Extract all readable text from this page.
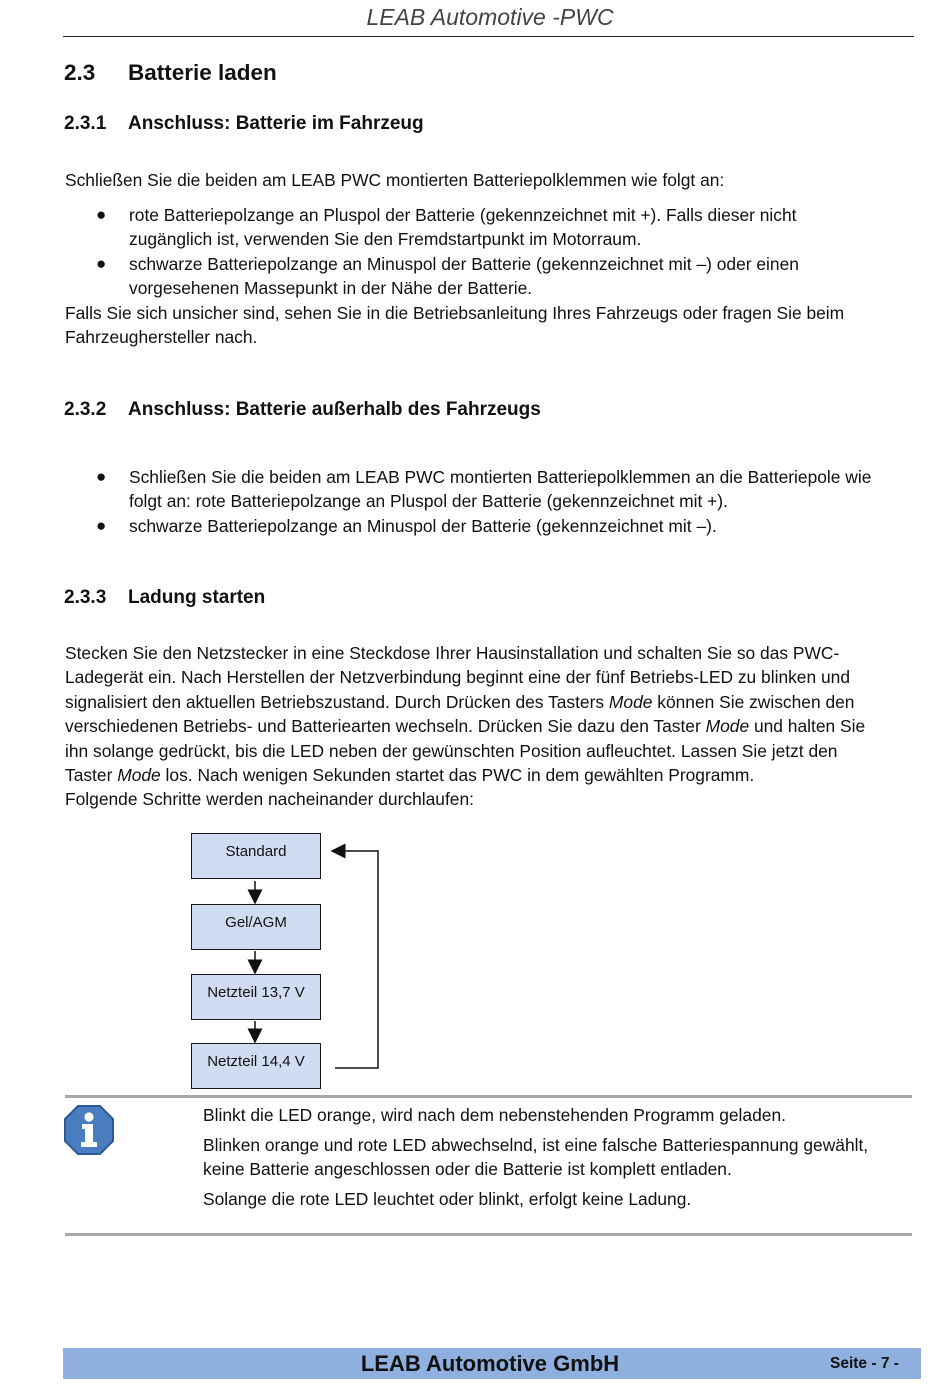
LEAB Automotive -PWC
2.3 Batterie laden
2.3.1 Anschluss: Batterie im Fahrzeug
Schließen Sie die beiden am LEAB PWC montierten Batteriepolklemmen wie folgt an:
● rote Batteriepolzange an Pluspol der Batterie (gekennzeichnet mit +). Falls dieser nicht
zugänglich ist, verwenden Sie den Fremdstartpunkt im Motorraum.
● schwarze Batteriepolzange an Minuspol der Batterie (gekennzeichnet mit –) oder einen
vorgesehenen Massepunkt in der Nähe der Batterie.
Falls Sie sich unsicher sind, sehen Sie in die Betriebsanleitung Ihres Fahrzeugs oder fragen Sie beim
Fahrzeughersteller nach.
2.3.2 Anschluss: Batterie außerhalb des Fahrzeugs
● Schließen Sie die beiden am LEAB PWC montierten Batteriepolklemmen an die Batteriepole wie
folgt an: rote Batteriepolzange an Pluspol der Batterie (gekennzeichnet mit +).
● schwarze Batteriepolzange an Minuspol der Batterie (gekennzeichnet mit –).
2.3.3 Ladung starten
Stecken Sie den Netzstecker in eine Steckdose Ihrer Hausinstallation und schalten Sie so das PWC-
Ladegerät ein. Nach Herstellen der Netzverbindung beginnt eine der fünf Betriebs-LED zu blinken und
signalisiert den aktuellen Betriebszustand. Durch Drücken des Tasters Mode können Sie zwischen den
verschiedenen Betriebs- und Batteriearten wechseln. Drücken Sie dazu den Taster Mode und halten Sie
ihn solange gedrückt, bis die LED neben der gewünschten Position aufleuchtet. Lassen Sie jetzt den
Taster Mode los. Nach wenigen Sekunden startet das PWC in dem gewählten Programm.
Folgende Schritte werden nacheinander durchlaufen:
Standard
Gel/AGM
Netzteil 13,7 V
Netzteil 14,4 V
Blinkt die LED orange, wird nach dem nebenstehenden Programm geladen.
Blinken orange und rote LED abwechselnd, ist eine falsche Batteriespannung gewählt,
keine Batterie angeschlossen oder die Batterie ist komplett entladen.
Solange die rote LED leuchtet oder blinkt, erfolgt keine Ladung.
LEAB Automotive GmbH	Seite - 7 -
